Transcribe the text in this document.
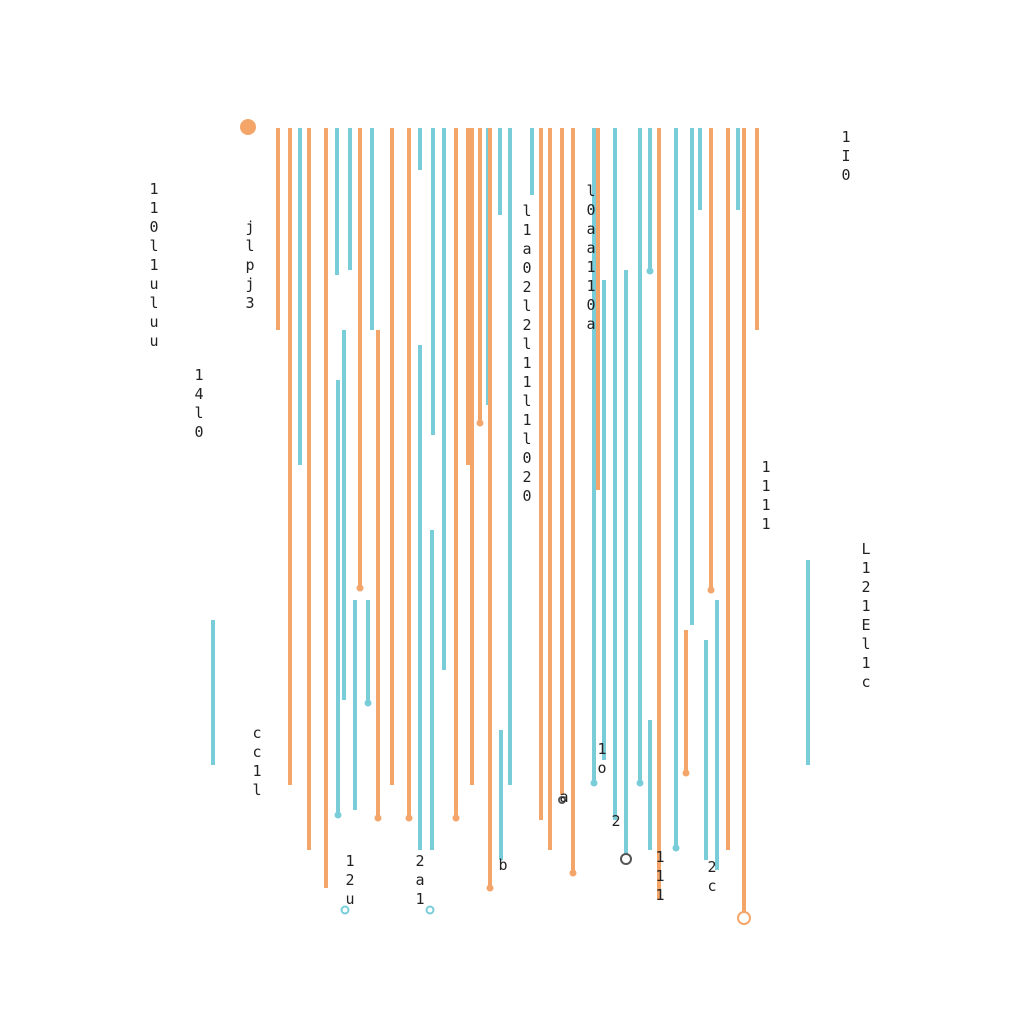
1
1
0
l
1
u
l
u
u
j
l
p
j
3
1
4
l
0
c
c
1
l
l
1
a
0
2
l
2
l
1
1
l
1
l
0
2
0
l
0
a
a
1
1
0
a
1
I
0
1
1
1
1
L
1
2
1
E
l
1
c
1
2
u
2
a
1
b
1
o
2
1
1
1
2
c
a
